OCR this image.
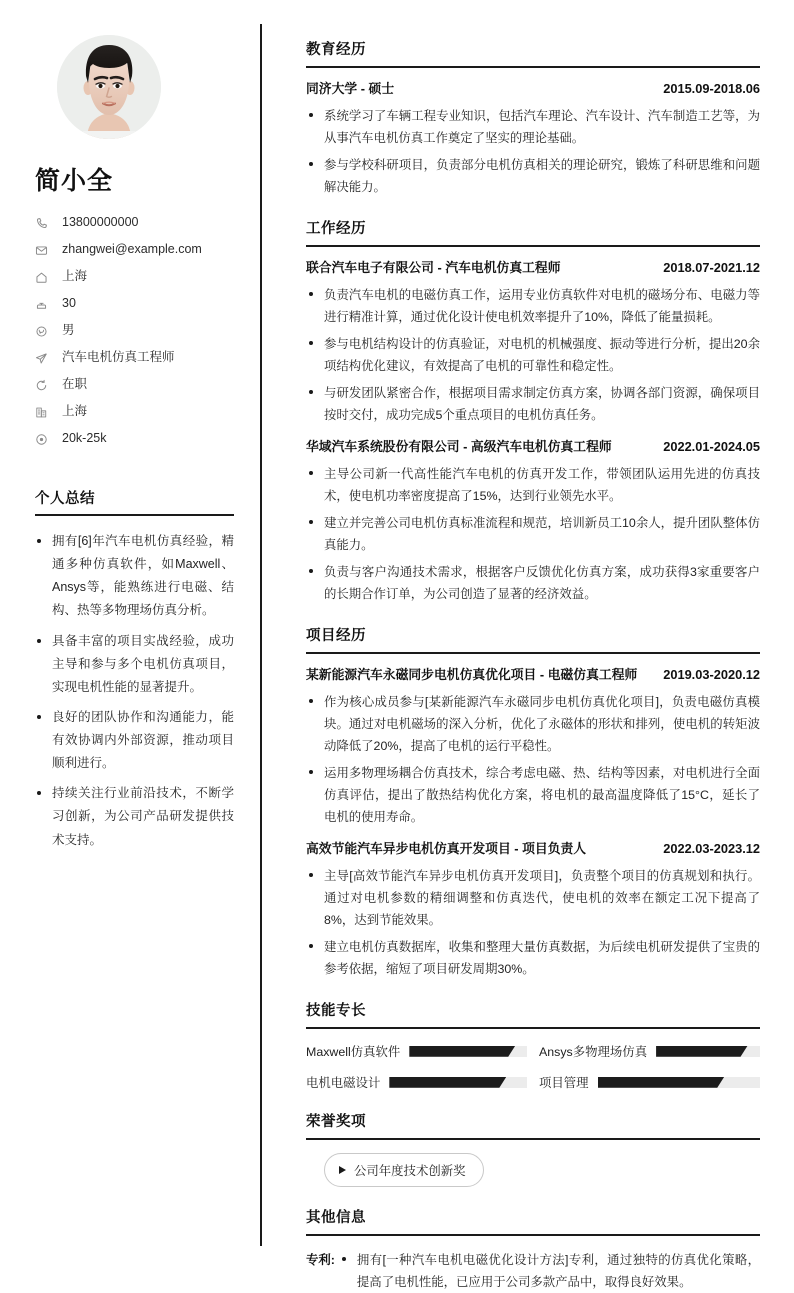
简小全
13800000000
zhangwei@example.com
上海
30
男
汽车电机仿真工程师
在职
上海
20k-25k
个人总结
拥有[6]年汽车电机仿真经验，精通多种仿真软件，如Maxwell、Ansys等，能熟练进行电磁、结构、热等多物理场仿真分析。
具备丰富的项目实战经验，成功主导和参与多个电机仿真项目，实现电机性能的显著提升。
良好的团队协作和沟通能力，能有效协调内外部资源，推动项目顺利进行。
持续关注行业前沿技术，不断学习创新，为公司产品研发提供技术支持。
教育经历
同济大学 - 硕士	2015.09-2018.06
系统学习了车辆工程专业知识，包括汽车理论、汽车设计、汽车制造工艺等，为从事汽车电机仿真工作奠定了坚实的理论基础。
参与学校科研项目，负责部分电机仿真相关的理论研究，锻炼了科研思维和问题解决能力。
工作经历
联合汽车电子有限公司 - 汽车电机仿真工程师	2018.07-2021.12
负责汽车电机的电磁仿真工作，运用专业仿真软件对电机的磁场分布、电磁力等进行精准计算，通过优化设计使电机效率提升了10%，降低了能量损耗。
参与电机结构设计的仿真验证，对电机的机械强度、振动等进行分析，提出20余项结构优化建议，有效提高了电机的可靠性和稳定性。
与研发团队紧密合作，根据项目需求制定仿真方案，协调各部门资源，确保项目按时交付，成功完成5个重点项目的电机仿真任务。
华域汽车系统股份有限公司 - 高级汽车电机仿真工程师	2022.01-2024.05
主导公司新一代高性能汽车电机的仿真开发工作，带领团队运用先进的仿真技术，使电机功率密度提高了15%，达到行业领先水平。
建立并完善公司电机仿真标准流程和规范，培训新员工10余人，提升团队整体仿真能力。
负责与客户沟通技术需求，根据客户反馈优化仿真方案，成功获得3家重要客户的长期合作订单，为公司创造了显著的经济效益。
项目经历
某新能源汽车永磁同步电机仿真优化项目 - 电磁仿真工程师 2019.03-2020.12
作为核心成员参与[某新能源汽车永磁同步电机仿真优化项目]，负责电磁仿真模块。通过对电机磁场的深入分析，优化了永磁体的形状和排列，使电机的转矩波动降低了20%，提高了电机的运行平稳性。
运用多物理场耦合仿真技术，综合考虑电磁、热、结构等因素，对电机进行全面仿真评估，提出了散热结构优化方案，将电机的最高温度降低了15°C，延长了电机的使用寿命。
高效节能汽车异步电机仿真开发项目 - 项目负责人	2022.03-2023.12
主导[高效节能汽车异步电机仿真开发项目]，负责整个项目的仿真规划和执行。通过对电机参数的精细调整和仿真迭代，使电机的效率在额定工况下提高了8%，达到节能效果。
建立电机仿真数据库，收集和整理大量仿真数据，为后续电机研发提供了宝贵的参考依据，缩短了项目研发周期30%。
技能专长
Maxwell仿真软件	Ansys多物理场仿真
电机电磁设计	项目管理
荣誉奖项
公司年度技术创新奖
其他信息
专利:	拥有[一种汽车电机电磁优化设计方法]专利，通过独特的仿真优化策略，提高了电机性能，已应用于公司多款产品中，取得良好效果。
